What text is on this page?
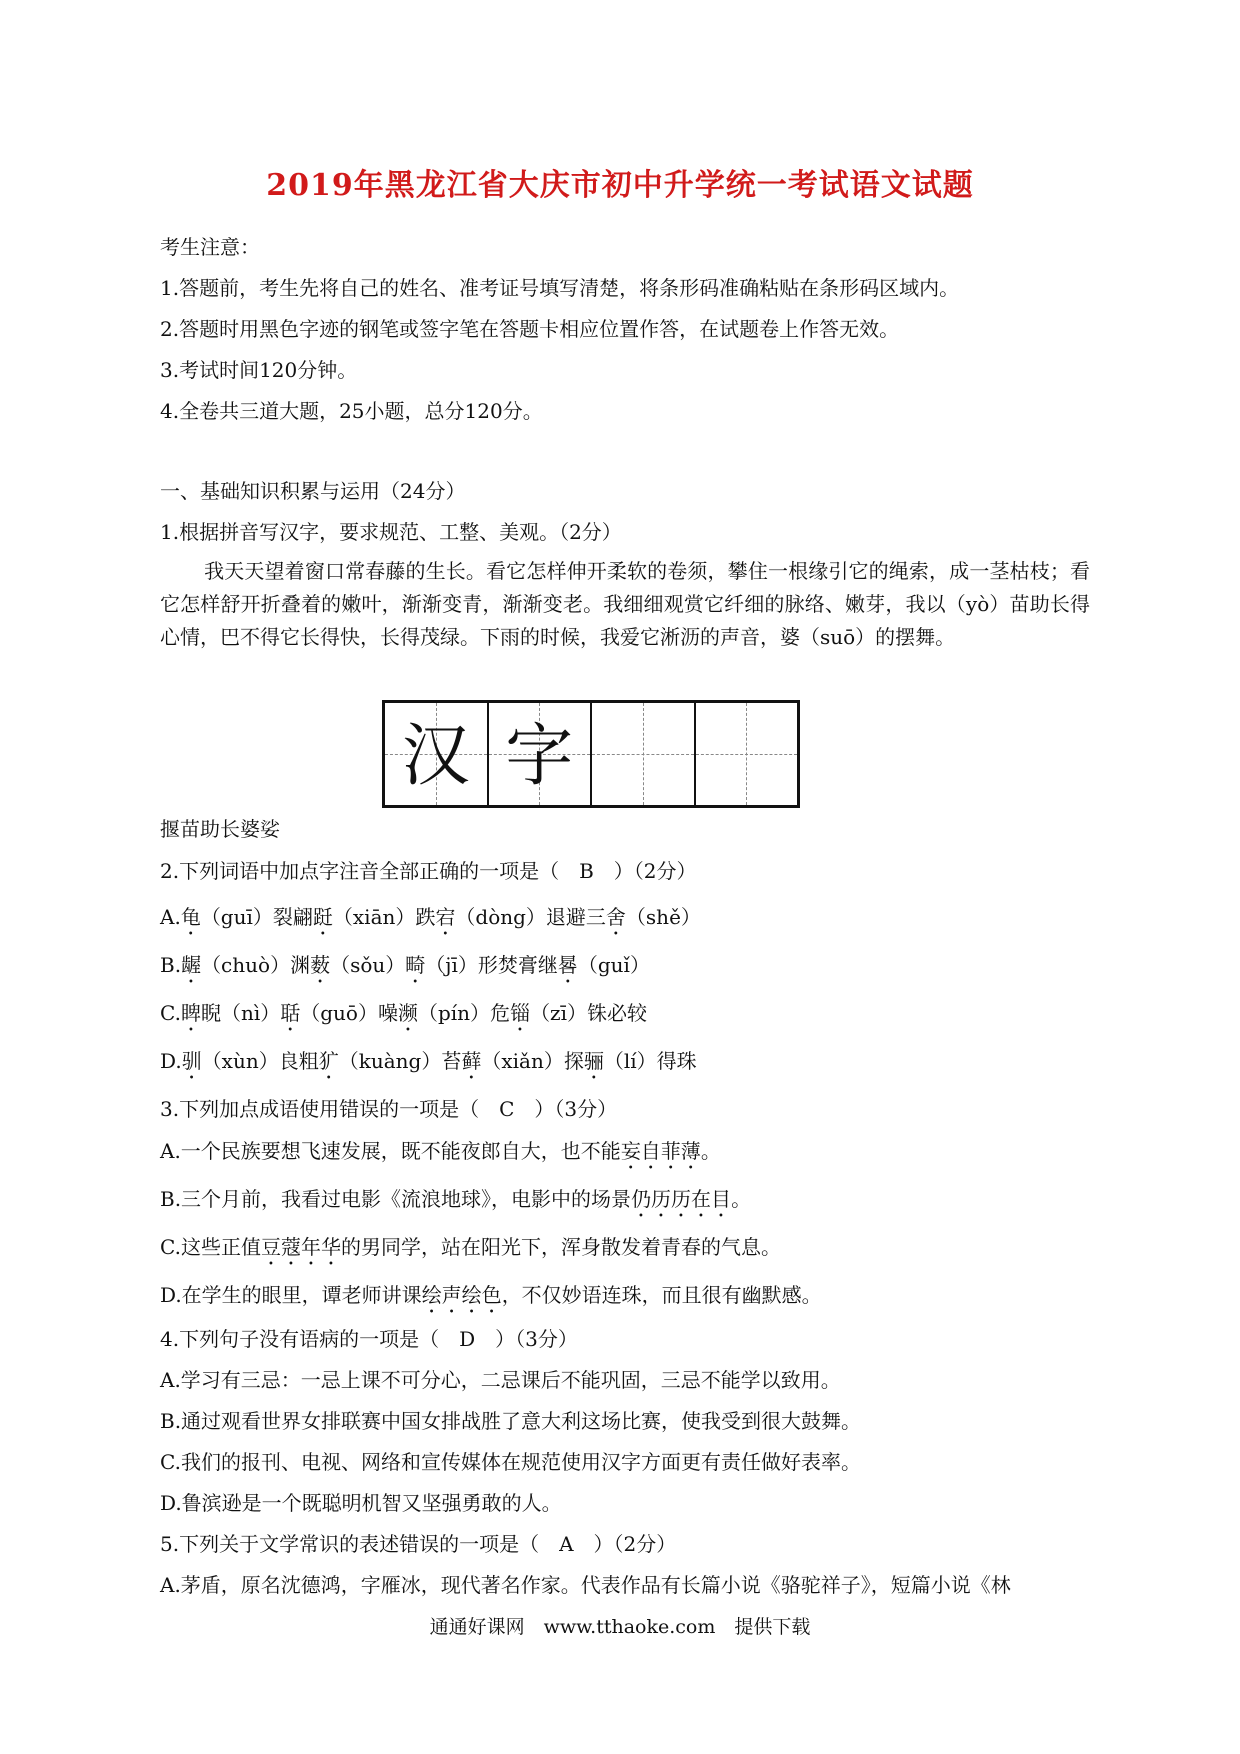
2019年黑龙江省大庆市初中升学统一考试语文试题
考生注意：
1.答题前，考生先将自己的姓名、准考证号填写清楚，将条形码准确粘贴在条形码区域内。
2.答题时用黑色字迹的钢笔或签字笔在答题卡相应位置作答，在试题卷上作答无效。
3.考试时间120分钟。
4.全卷共三道大题，25小题，总分120分。
一、基础知识积累与运用（24分）
1.根据拼音写汉字，要求规范、工整、美观。（2分）
我天天望着窗口常春藤的生长。看它怎样伸开柔软的卷须，攀住一根缘引它的绳索，成一茎枯枝；看它怎样舒开折叠着的嫩叶，渐渐变青，渐渐变老。我细细观赏它纤细的脉络、嫩芽，我以（yò）苗助长得心情，巴不得它长得快，长得茂绿。下雨的时候，我爱它淅沥的声音，婆（suō）的摆舞。
汉 字
揠苗助长婆娑
2.下列词语中加点字注音全部正确的一项是（　B　）（2分）
A.龟（guī）裂翩跹（xiān）跌宕（dòng）退避三舍（shě）
B.龌（chuò）渊薮（sǒu）畸（jī）形焚膏继晷（guǐ）
C.睥睨（nì）聒（guō）噪濒（pín）危锱（zī）铢必较
D.驯（xùn）良粗犷（kuàng）苔藓（xiǎn）探骊（lí）得珠
3.下列加点成语使用错误的一项是（　C　）（3分）
A.一个民族要想飞速发展，既不能夜郎自大，也不能妄自菲薄。
B.三个月前，我看过电影《流浪地球》，电影中的场景仍历历在目。
C.这些正值豆蔻年华的男同学，站在阳光下，浑身散发着青春的气息。
D.在学生的眼里，谭老师讲课绘声绘色，不仅妙语连珠，而且很有幽默感。
4.下列句子没有语病的一项是（　D　）（3分）
A.学习有三忌：一忌上课不可分心，二忌课后不能巩固，三忌不能学以致用。
B.通过观看世界女排联赛中国女排战胜了意大利这场比赛，使我受到很大鼓舞。
C.我们的报刊、电视、网络和宣传媒体在规范使用汉字方面更有责任做好表率。
D.鲁滨逊是一个既聪明机智又坚强勇敢的人。
5.下列关于文学常识的表述错误的一项是（　A　）（2分）
A.茅盾，原名沈德鸿，字雁冰，现代著名作家。代表作品有长篇小说《骆驼祥子》，短篇小说《林
通通好课网　www.tthaoke.com　提供下载
